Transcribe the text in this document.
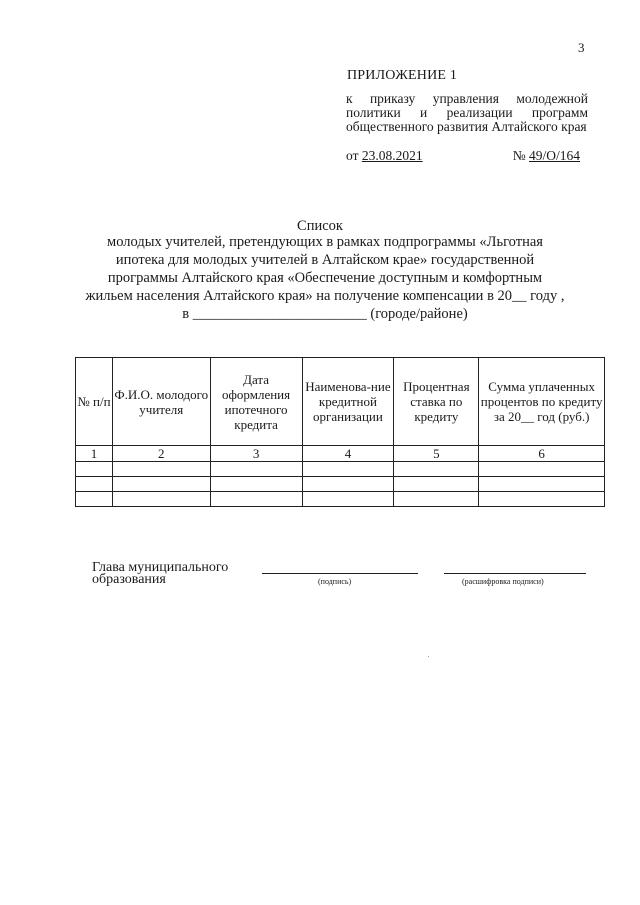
3
ПРИЛОЖЕНИЕ 1
к приказу управления молодежной политики и реализации программ общественного развития Алтайского края
от 23.08.2021	№ 49/О/164
Список
молодых учителей, претендующих в рамках подпрограммы «Льготная
ипотека для молодых учителей в Алтайском крае» государственной
программы Алтайского края «Обеспечение доступным и комфортным
жильем населения Алтайского края» на получение компенсации в 20__ году ,
в ________________________ (городе/районе)
№ п/п	Ф.И.О. молодого учителя	Дата оформления ипотечного кредита	Наименова-ние кредитной организации	Процентная ставка по кредиту	Сумма уплаченных процентов по кредиту за 20__ год (руб.)
1	2	3	4	5	6

Глава муниципального
образования	(подпись)	(расшифровка подписи)
